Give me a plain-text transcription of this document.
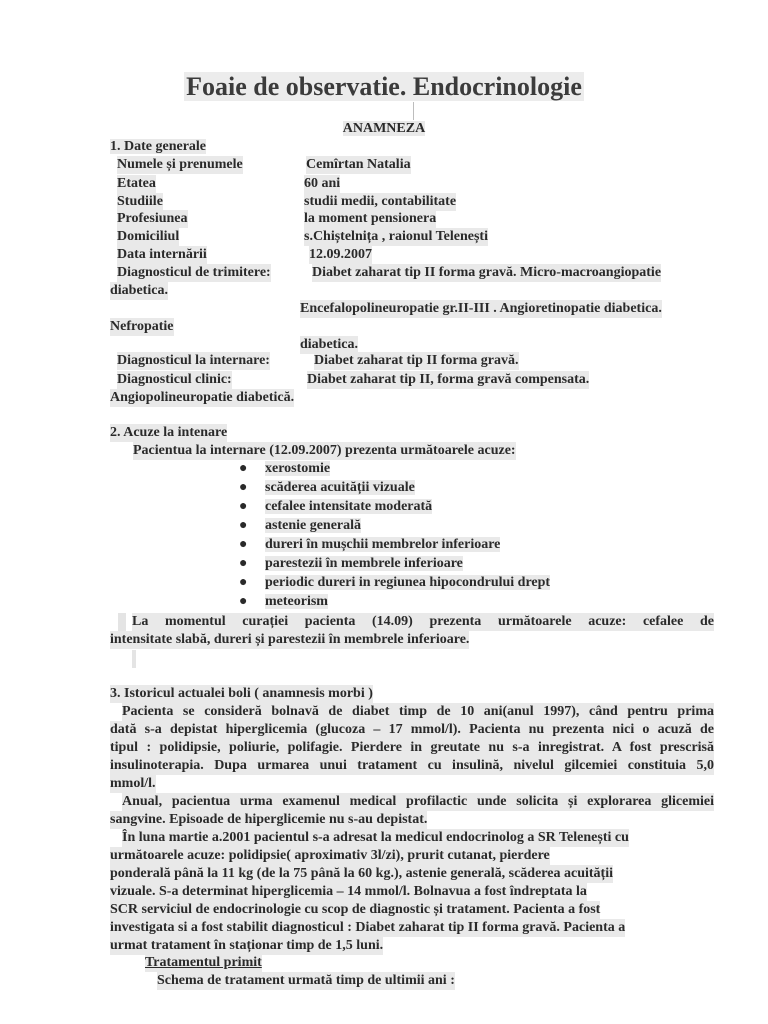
Foaie de observatie. Endocrinologie
ANAMNEZA
1. Date generale
Numele și prenumele	Cemîrtan Natalia
Etatea	60 ani
Studiile	studii medii, contabilitate
Profesiunea	la moment pensionera
Domiciliul	s.Chiștelnița , raionul Telenești
Data internării	12.09.2007
Diagnosticul de trimitere:	Diabet zaharat tip II forma gravă. Micro-macroangiopatie
diabetica.
Encefalopolineuropatie gr.II-III . Angioretinopatie diabetica.
Nefropatie
diabetica.
Diagnosticul la internare:	Diabet zaharat tip II forma gravă.
Diagnosticul clinic:	Diabet zaharat tip II, forma gravă compensata.
Angiopolineuropatie diabetică.
2. Acuze la intenare
Pacientua la internare (12.09.2007) prezenta următoarele acuze:
● xerostomie
● scăderea acuității vizuale
● cefalee intensitate moderată
● astenie generală
● dureri în mușchii membrelor inferioare
● parestezii în membrele inferioare
● periodic dureri in regiunea hipocondrului drept
● meteorism
La momentul curației pacienta (14.09) prezenta următoarele acuze: cefalee de
intensitate slabă, dureri și parestezii în membrele inferioare.
3. Istoricul actualei boli ( anamnesis morbi )
Pacienta se consideră bolnavă de diabet timp de 10 ani(anul 1997), când pentru prima
dată s-a depistat hiperglicemia (glucoza – 17 mmol/l). Pacienta nu prezenta nici o acuză de
tipul : polidipsie, poliurie, polifagie. Pierdere in greutate nu s-a inregistrat. A fost prescrisă
insulinoterapia. Dupa urmarea unui tratament cu insulină, nivelul gilcemiei constituia 5,0
mmol/l.
Anual, pacientua urma examenul medical profilactic unde solicita și explorarea glicemiei
sangvine. Episoade de hiperglicemie nu s-au depistat.
În luna martie a.2001 pacientul s-a adresat la medicul endocrinolog a SR Telenești cu
următoarele acuze: polidipsie( aproximativ 3l/zi), prurit cutanat, pierdere
ponderală până la 11 kg (de la 75 până la 60 kg.), astenie generală, scăderea acuității
vizuale. S-a determinat hiperglicemia – 14 mmol/l. Bolnavua a fost îndreptata la
SCR serviciul de endocrinologie cu scop de diagnostic și tratament. Pacienta a fost
investigata si a fost stabilit diagnosticul : Diabet zaharat tip II forma gravă. Pacienta a
urmat tratament în staționar timp de 1,5 luni.
Tratamentul primit
Schema de tratament urmată timp de ultimii ani :
